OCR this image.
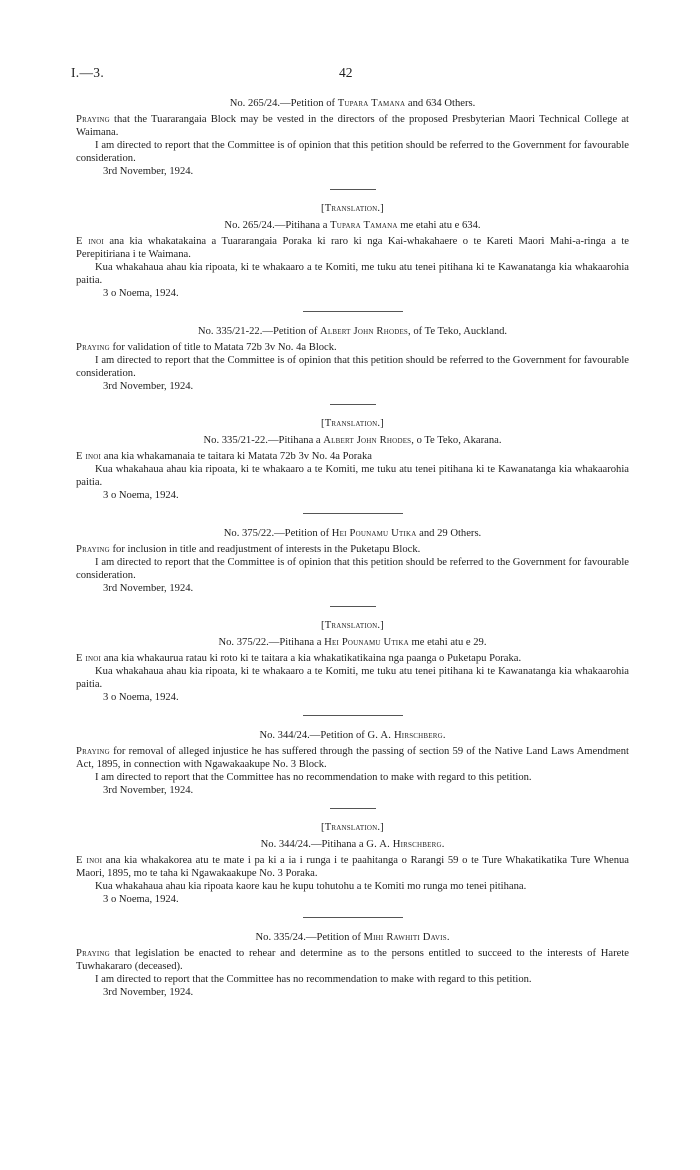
I.—3.	42
No. 265/24.—Petition of Tupara Tamana and 634 Others.

Praying that the Tuararangaia Block may be vested in the directors of the proposed Presbyterian Maori Technical College at Waimana.

I am directed to report that the Committee is of opinion that this petition should be referred to the Government for favourable consideration.

3rd November, 1924.
[Translation.]
No. 265/24.—Pitihana a Tupara Tamana me etahi atu e 634.

E inoi ana kia whakatakaina a Tuararangaia Poraka ki raro ki nga Kai-whakahaere o te Kareti Maori Mahi-a-ringa a te Perepitiriana i te Waimana.

Kua whakahaua ahau kia ripoata, ki te whakaaro a te Komiti, me tuku atu tenei pitihana ki te Kawanatanga kia whakaarohia paitia.

3 o Noema, 1924.
No. 335/21-22.—Petition of Albert John Rhodes, of Te Teko, Auckland.

Praying for validation of title to Matata 72b 3v No. 4a Block.

I am directed to report that the Committee is of opinion that this petition should be referred to the Government for favourable consideration.

3rd November, 1924.
[Translation.]
No. 335/21-22.—Pitihana a Albert John Rhodes, o Te Teko, Akarana.

E inoi ana kia whakamanaia te taitara ki Matata 72b 3v No. 4a Poraka

Kua whakahaua ahau kia ripoata, ki te whakaaro a te Komiti, me tuku atu tenei pitihana ki te Kawanatanga kia whakaarohia paitia.

3 o Noema, 1924.
No. 375/22.—Petition of Hei Pounamu Utika and 29 Others.

Praying for inclusion in title and readjustment of interests in the Puketapu Block.

I am directed to report that the Committee is of opinion that this petition should be referred to the Government for favourable consideration.

3rd November, 1924.
[Translation.]
No. 375/22.—Pitihana a Hei Pounamu Utika me etahi atu e 29.

E inoi ana kia whakaurua ratau ki roto ki te taitara a kia whakatikatikaina nga paanga o Puketapu Poraka.

Kua whakahaua ahau kia ripoata, ki te whakaaro a te Komiti, me tuku atu tenei pitihana ki te Kawanatanga kia whakaarohia paitia.

3 o Noema, 1924.
No. 344/24.—Petition of G. A. Hirschberg.

Praying for removal of alleged injustice he has suffered through the passing of section 59 of the Native Land Laws Amendment Act, 1895, in connection with Ngawakaakupe No. 3 Block.

I am directed to report that the Committee has no recommendation to make with regard to this petition.

3rd November, 1924.
[Translation.]
No. 344/24.—Pitihana a G. A. Hirschberg.

E inoi ana kia whakakorea atu te mate i pa ki a ia i runga i te paahitanga o Rarangi 59 o te Ture Whakatikatika Ture Whenua Maori, 1895, mo te taha ki Ngawakaakupe No. 3 Poraka.

Kua whakahaua ahau kia ripoata kaore kau he kupu tohutohu a te Komiti mo runga mo tenei pitihana.

3 o Noema, 1924.
No. 335/24.—Petition of Mihi Rawhiti Davis.

Praying that legislation be enacted to rehear and determine as to the persons entitled to succeed to the interests of Harete Tuwhakararo (deceased).

I am directed to report that the Committee has no recommendation to make with regard to this petition.

3rd November, 1924.
